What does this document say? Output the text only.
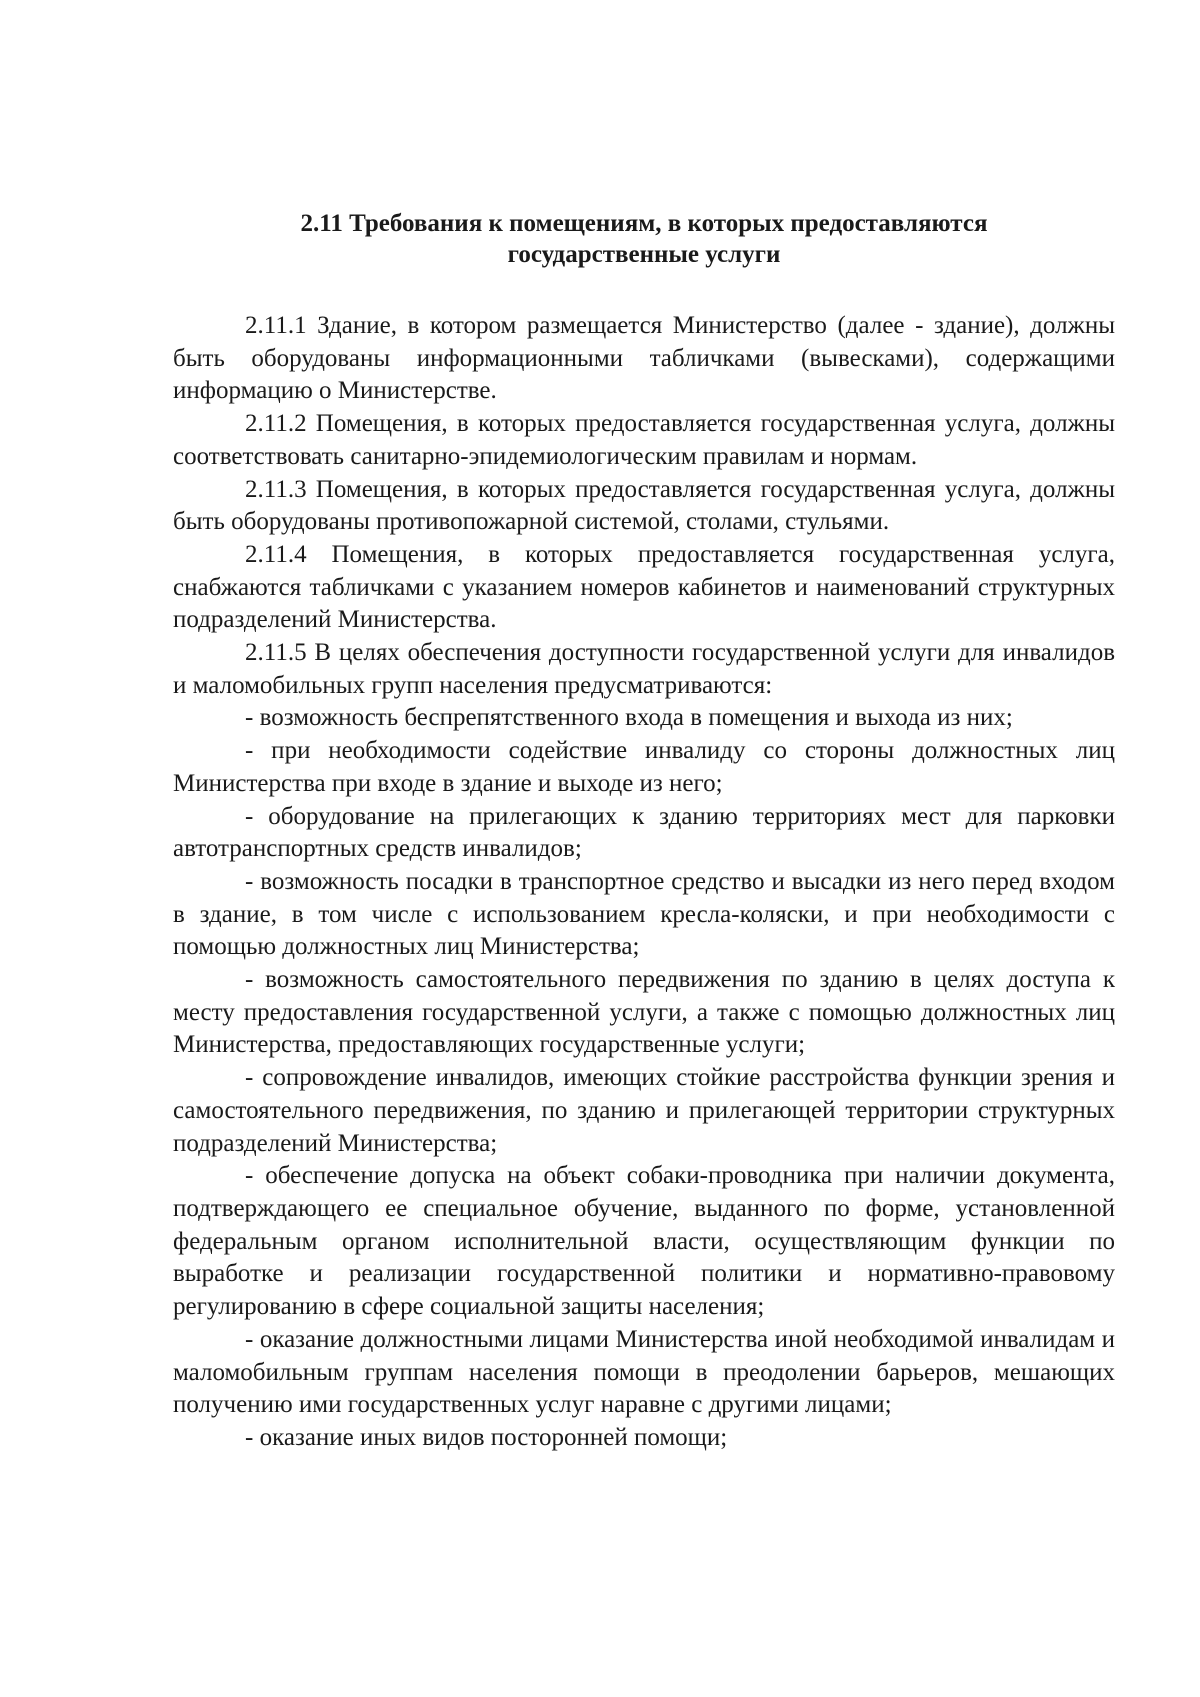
2.11 Требования к помещениям, в которых предоставляются
государственные услуги

2.11.1 Здание, в котором размещается Министерство (далее - здание), должны быть оборудованы информационными табличками (вывесками), содержащими информацию о Министерстве.

2.11.2 Помещения, в которых предоставляется государственная услуга, должны соответствовать санитарно-эпидемиологическим правилам и нормам.

2.11.3 Помещения, в которых предоставляется государственная услуга, должны быть оборудованы противопожарной системой, столами, стульями.

2.11.4 Помещения, в которых предоставляется государственная услуга, снабжаются табличками с указанием номеров кабинетов и наименований структурных подразделений Министерства.

2.11.5 В целях обеспечения доступности государственной услуги для инвалидов и маломобильных групп населения предусматриваются:

- возможность беспрепятственного входа в помещения и выхода из них;

- при необходимости содействие инвалиду со стороны должностных лиц Министерства при входе в здание и выходе из него;

- оборудование на прилегающих к зданию территориях мест для парковки автотранспортных средств инвалидов;

- возможность посадки в транспортное средство и высадки из него перед входом в здание, в том числе с использованием кресла-коляски, и при необходимости с помощью должностных лиц Министерства;

- возможность самостоятельного передвижения по зданию в целях доступа к месту предоставления государственной услуги, а также с помощью должностных лиц Министерства, предоставляющих государственные услуги;

- сопровождение инвалидов, имеющих стойкие расстройства функции зрения и самостоятельного передвижения, по зданию и прилегающей территории структурных подразделений Министерства;

- обеспечение допуска на объект собаки-проводника при наличии документа, подтверждающего ее специальное обучение, выданного по форме, установленной федеральным органом исполнительной власти, осуществляющим функции по выработке и реализации государственной политики и нормативно-правовому регулированию в сфере социальной защиты населения;

- оказание должностными лицами Министерства иной необходимой инвалидам и маломобильным группам населения помощи в преодолении барьеров, мешающих получению ими государственных услуг наравне с другими лицами;

- оказание иных видов посторонней помощи;
